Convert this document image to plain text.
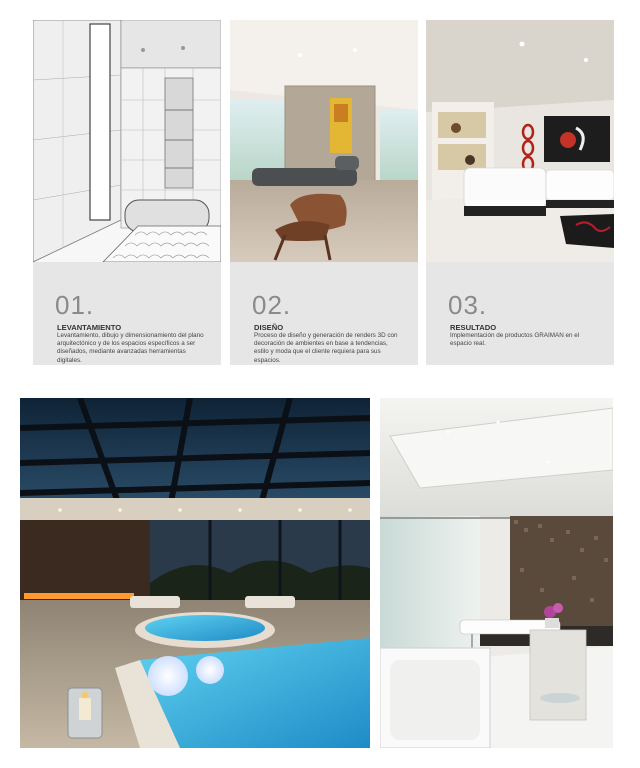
01.
LEVANTAMIENTO
Levantamiento, dibujo y dimensionamiento del plano arquitectónico y de los espacios específicos a ser diseñados, mediante avanzadas herramientas digitales.
02.
DISEÑO
Proceso de diseño y generación de renders 3D con decoración de ambientes en base a tendencias, estilo y moda que el cliente requiera para sus espacios.
03.
RESULTADO
Implementación de productos GRAIMAN en el espacio real.
